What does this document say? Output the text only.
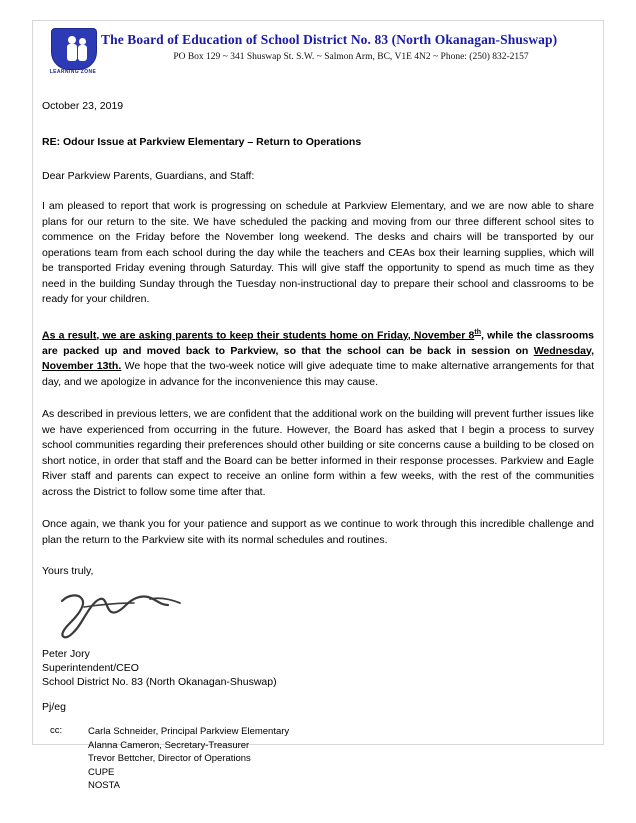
LEARNING ZONE
The Board of Education of School District No. 83 (North Okanagan-Shuswap)
PO Box 129 ~ 341 Shuswap St. S.W. ~ Salmon Arm, BC, V1E 4N2 ~ Phone: (250) 832-2157
October 23, 2019
RE: Odour Issue at Parkview Elementary – Return to Operations
Dear Parkview Parents, Guardians, and Staff:

I am pleased to report that work is progressing on schedule at Parkview Elementary, and we are now able to share plans for our return to the site. We have scheduled the packing and moving from our three different school sites to commence on the Friday before the November long weekend. The desks and chairs will be transported by our operations team from each school during the day while the teachers and CEAs box their learning supplies, which will be transported Friday evening through Saturday. This will give staff the opportunity to spend as much time as they need in the building Sunday through the Tuesday non-instructional day to prepare their school and classrooms to be ready for your children.

As a result, we are asking parents to keep their students home on Friday, November 8th, while the classrooms are packed up and moved back to Parkview, so that the school can be back in session on Wednesday, November 13th. We hope that the two-week notice will give adequate time to make alternative arrangements for that day, and we apologize in advance for the inconvenience this may cause.

As described in previous letters, we are confident that the additional work on the building will prevent further issues like we have experienced from occurring in the future. However, the Board has asked that I begin a process to survey school communities regarding their preferences should other building or site concerns cause a building to be closed on short notice, in order that staff and the Board can be better informed in their response processes. Parkview and Eagle River staff and parents can expect to receive an online form within a few weeks, with the rest of the communities across the District to follow some time after that.

Once again, we thank you for your patience and support as we continue to work through this incredible challenge and plan the return to the Parkview site with its normal schedules and routines.

Yours truly,
Peter Jory
Superintendent/CEO
School District No. 83 (North Okanagan-Shuswap)
Pj/eg
cc:	Carla Schneider, Principal Parkview Elementary
Alanna Cameron, Secretary-Treasurer
Trevor Bettcher, Director of Operations
CUPE
NOSTA
